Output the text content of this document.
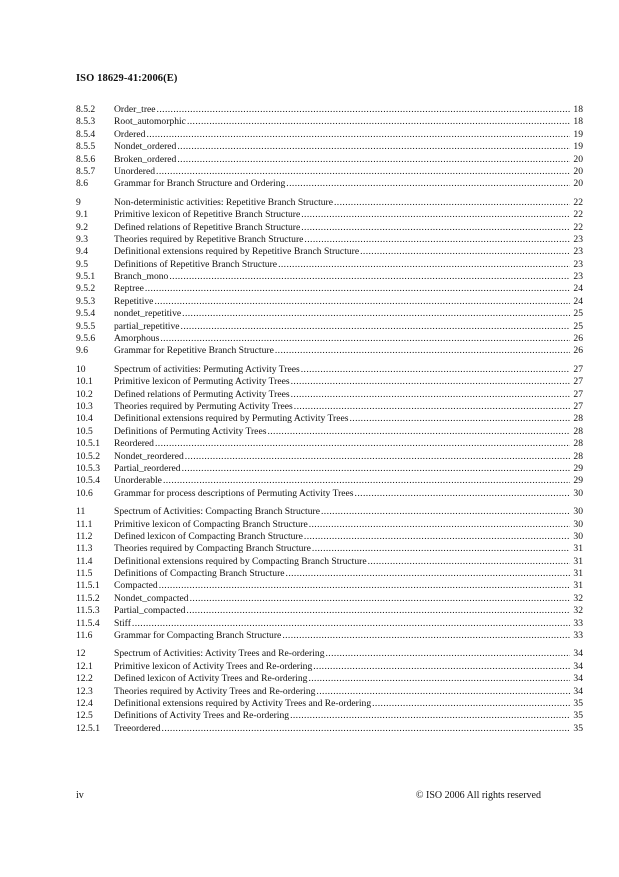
ISO 18629-41:2006(E)
8.5.2	Order_tree .....	18
8.5.3	Root_automorphic .....	18
8.5.4	Ordered .....	19
8.5.5	Nondet_ordered .....	19
8.5.6	Broken_ordered .....	20
8.5.7	Unordered .....	20
8.6	Grammar for Branch Structure and Ordering .....	20
9	Non-deterministic activities: Repetitive Branch Structure .....	22
9.1	Primitive lexicon of Repetitive Branch Structure .....	22
9.2	Defined relations of Repetitive Branch Structure .....	22
9.3	Theories required by Repetitive Branch Structure .....	23
9.4	Definitional extensions required by Repetitive Branch Structure .....	23
9.5	Definitions of Repetitive Branch Structure .....	23
9.5.1	Branch_mono .....	23
9.5.2	Reptree .....	24
9.5.3	Repetitive .....	24
9.5.4	nondet_repetitive .....	25
9.5.5	partial_repetitive .....	25
9.5.6	Amorphous .....	26
9.6	Grammar for Repetitive Branch Structure .....	26
10	Spectrum of activities: Permuting Activity Trees .....	27
10.1	Primitive lexicon of Permuting Activity Trees .....	27
10.2	Defined relations of Permuting Activity Trees .....	27
10.3	Theories required by Permuting Activity Trees .....	27
10.4	Definitional extensions required by Permuting Activity Trees .....	28
10.5	Definitions of Permuting Activity Trees .....	28
10.5.1	Reordered .....	28
10.5.2	Nondet_reordered .....	28
10.5.3	Partial_reordered .....	29
10.5.4	Unorderable .....	29
10.6	Grammar for process descriptions of Permuting Activity Trees .....	30
11	Spectrum of Activities: Compacting Branch Structure .....	30
11.1	Primitive lexicon of Compacting Branch Structure .....	30
11.2	Defined lexicon of Compacting Branch Structure .....	30
11.3	Theories required by Compacting Branch Structure .....	31
11.4	Definitional extensions required by Compacting Branch Structure .....	31
11.5	Definitions of Compacting Branch Structure .....	31
11.5.1	Compacted .....	31
11.5.2	Nondet_compacted .....	32
11.5.3	Partial_compacted .....	32
11.5.4	Stiff .....	33
11.6	Grammar for Compacting Branch Structure .....	33
12	Spectrum of Activities: Activity Trees and Re-ordering .....	34
12.1	Primitive lexicon of Activity Trees and Re-ordering .....	34
12.2	Defined lexicon of Activity Trees and Re-ordering .....	34
12.3	Theories required by Activity Trees and Re-ordering .....	34
12.4	Definitional extensions required by Activity Trees and Re-ordering .....	35
12.5	Definitions of Activity Trees and Re-ordering .....	35
12.5.1	Treeordered .....	35
iv	© ISO 2006 All rights reserved
